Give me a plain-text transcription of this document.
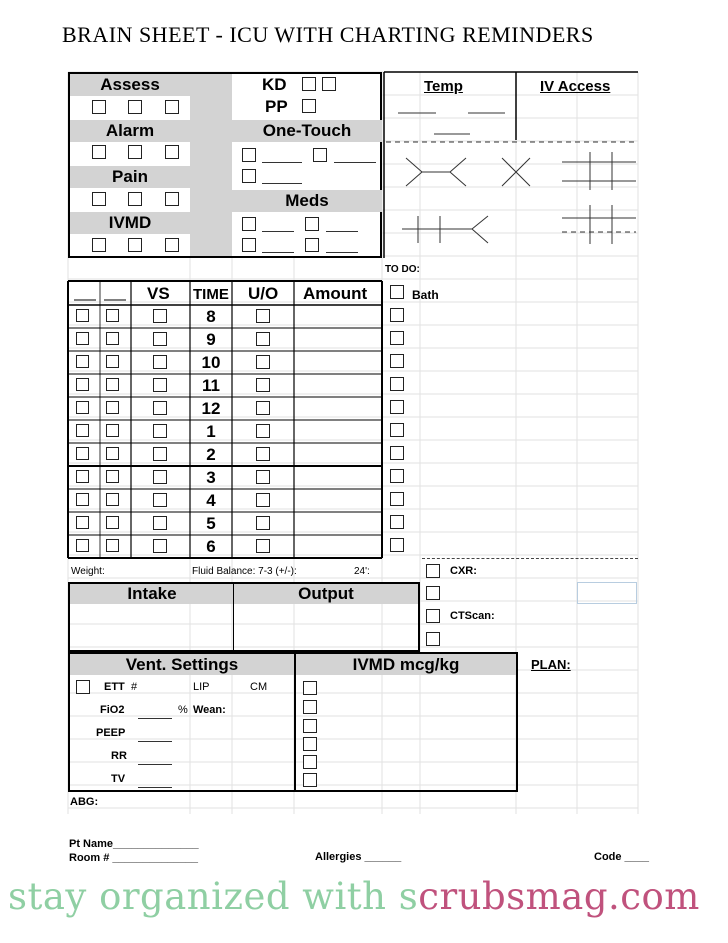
BRAIN SHEET - ICU WITH CHARTING REMINDERS
Assess
Alarm
Pain
IVMD
KD
PP
One-Touch
Meds
Temp	IV Access
TO DO:
VS TIME U/O Amount
8
9
10
11
12
1
2
3
4
5
6
Weight:	Fluid Balance: 7-3 (+/-):	24':
Bath
CXR:
CTScan:
Intake	Output
Vent. Settings	IVMD mcg/kg	PLAN:
ETT #	LIP	CM
FiO2	% Wean:
PEEP
RR
TV
ABG:
Pt Name______________
Room # ______________	Allergies ______	Code ____
stay organized with scrubsmag.com
